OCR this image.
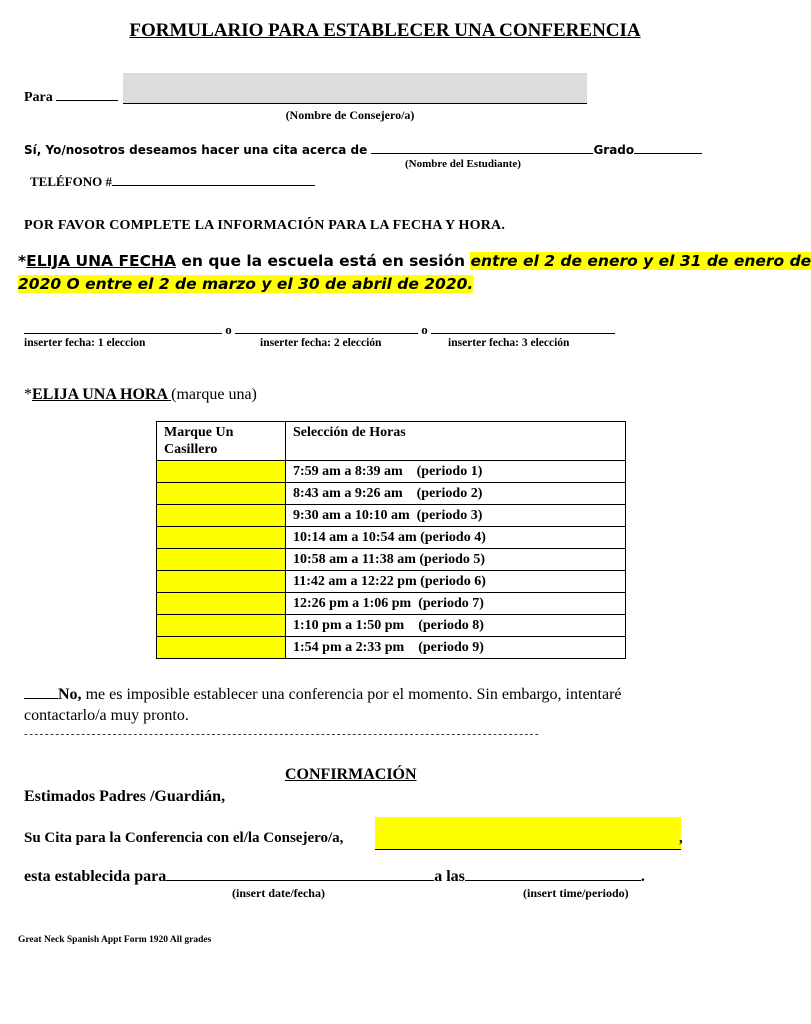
FORMULARIO PARA ESTABLECER UNA CONFERENCIA
Para
(Nombre de Consejero/a)
Sí, Yo/nosotros deseamos hacer una cita acerca de	Grado
(Nombre del Estudiante)
TELÉFONO #
POR FAVOR COMPLETE LA INFORMACIÓN PARA LA FECHA Y HORA.
*ELIJA UNA FECHA en que la escuela está en sesión entre el 2 de enero y el 31 de enero de
2020 O entre el 2 de marzo y el 30 de abril de 2020.
o	o
inserter fecha: 1 eleccion	inserter fecha: 2 elección	inserter fecha: 3 elección
*ELIJA UNA HORA (marque una)
Marque Un Casillero	Selección de Horas
	7:59 am a 8:39 am    (periodo 1)
	8:43 am a 9:26 am    (periodo 2)
	9:30 am a 10:10 am  (periodo 3)
	10:14 am a 10:54 am (periodo 4)
	10:58 am a 11:38 am (periodo 5)
	11:42 am a 12:22 pm (periodo 6)
	12:26 pm a 1:06 pm  (periodo 7)
	1:10 pm a 1:50 pm    (periodo 8)
	1:54 pm a 2:33 pm    (periodo 9)
No, me es imposible establecer una conferencia por el momento. Sin embargo, intentaré
contactarlo/a muy pronto.
- - - - - - - - - - - - - - - - - - - - - - - - - - - - - - - - - - - - - - - - - - - - - - - - - - - - - - - - - - - - - - - - - - - - - - - - - - - - - - - - - - - - - - - - - - - - - - - - - - -
CONFIRMACIÓN
Estimados Padres /Guardián,
Su Cita para la Conferencia con el/la Consejero/a,	,
esta establecida para	a las	.
(insert date/fecha)	(insert time/periodo)
Great Neck Spanish Appt Form 1920 All grades
